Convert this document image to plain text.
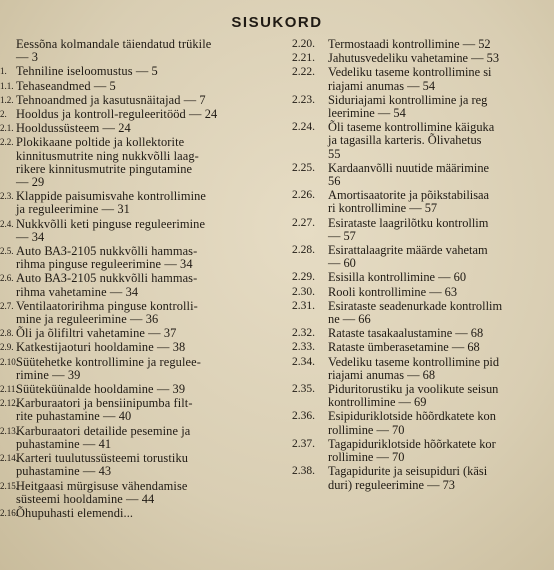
SISUKORD
Eessõna kolmandale täiendatud trükile
— 3
1. Tehniline iseloomustus — 5
1.1. Tehaseandmed — 5
1.2. Tehnoandmed ja kasutusnäitajad — 7
2. Hooldus ja kontroll-reguleeritööd — 24
2.1. Hooldussüsteem — 24
2.2. Plokikaane poltide ja kollektorite
kinnitusmutrite ning nukkvõlli laag-
rikere kinnitusmutrite pingutamine
— 29
2.3. Klappide paisumisvahe kontrollimine
ja reguleerimine — 31
2.4. Nukkvõlli keti pinguse reguleerimine
— 34
2.5. Auto ВАЗ-2105 nukkvõlli hammas-
rihma pinguse reguleerimine — 34
2.6. Auto ВАЗ-2105 nukkvõlli hammas-
rihma vahetamine — 34
2.7. Ventilaatoririhma pinguse kontrolli-
mine ja reguleerimine — 36
2.8. Õli ja õlifiltri vahetamine — 37
2.9. Katkestijaoturi hooldamine — 38
2.10.
Süütehetke kontrollimine ja regulee-
rimine — 39
2.11.
Süüteküünalde hooldamine — 39
2.12.
Karburaatori ja bensiinipumba filt-
rite puhastamine — 40
2.13.
Karburaatori detailide pesemine ja
puhastamine — 41
2.14.
Karteri tuulutussüsteemi torustiku
puhastamine — 43
2.15.
Heitgaasi mürgisuse vähendamise
süsteemi hooldamine — 44
2.16.
Õhupuhasti elemendi...
2.20.	Termostaadi kontrollimine — 52
2.21.	Jahutusvedeliku vahetamine — 53
2.22.	Vedeliku taseme kontrollimine si
riajami anumas — 54
2.23.	Siduriajami kontrollimine ja reg
leerimine — 54
2.24.	Õli taseme kontrollimine käiguka
ja tagasilla karteris. Õlivahetus
55
2.25.	Kardaanvõlli nuutide määrimine
56
2.26.	Amortisaatorite ja põikstabilisaa
ri kontrollimine — 57
2.27.	Esirataste laagrilõtku kontrollim
— 57
2.28.	Esirattalaagrite määrde vahetam
— 60
2.29.	Esisilla kontrollimine — 60
2.30.	Rooli kontrollimine — 63
2.31.	Esirataste seadenurkade kontrollim
ne — 66
2.32.	Rataste tasakaalustamine — 68
2.33.	Rataste ümberasetamine — 68
2.34.	Vedeliku taseme kontrollimine pid
riajami anumas — 68
2.35.	Piduritorustiku ja voolikute seisun
kontrollimine — 69
2.36.	Esipiduriklotside hõõrdkatete kon
rollimine — 70
2.37.	Tagapiduriklotside hõõrkatete kor
rollimine — 70
2.38.	Tagapidurite ja seisupiduri (käsi
duri) reguleerimine — 73
